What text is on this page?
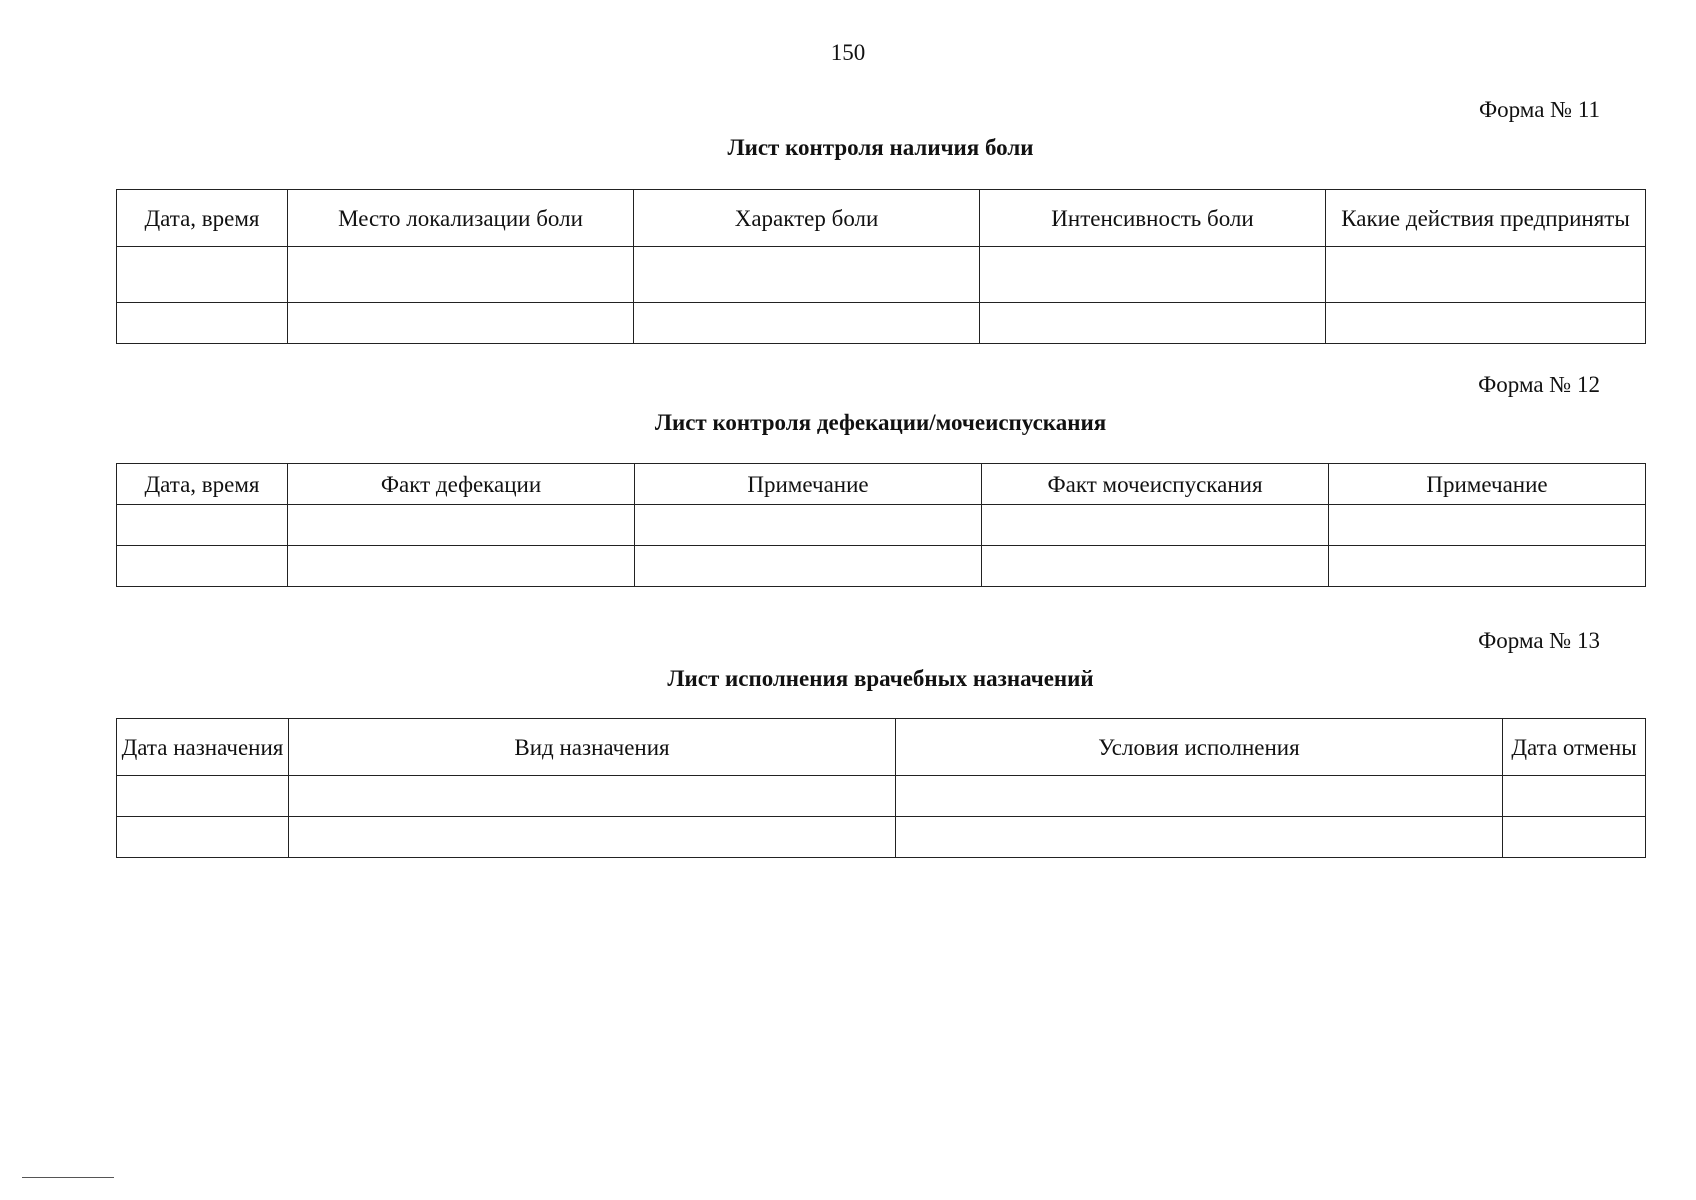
150
Форма № 11
Лист контроля наличия боли
Дата, время	Место локализации боли	Характер боли	Интенсивность боли	Какие действия предприняты

Форма № 12
Лист контроля дефекации/мочеиспускания
Дата, время	Факт дефекации	Примечание	Факт мочеиспускания	Примечание

Форма № 13
Лист исполнения врачебных назначений
Дата назначения	Вид назначения	Условия исполнения	Дата отмены
